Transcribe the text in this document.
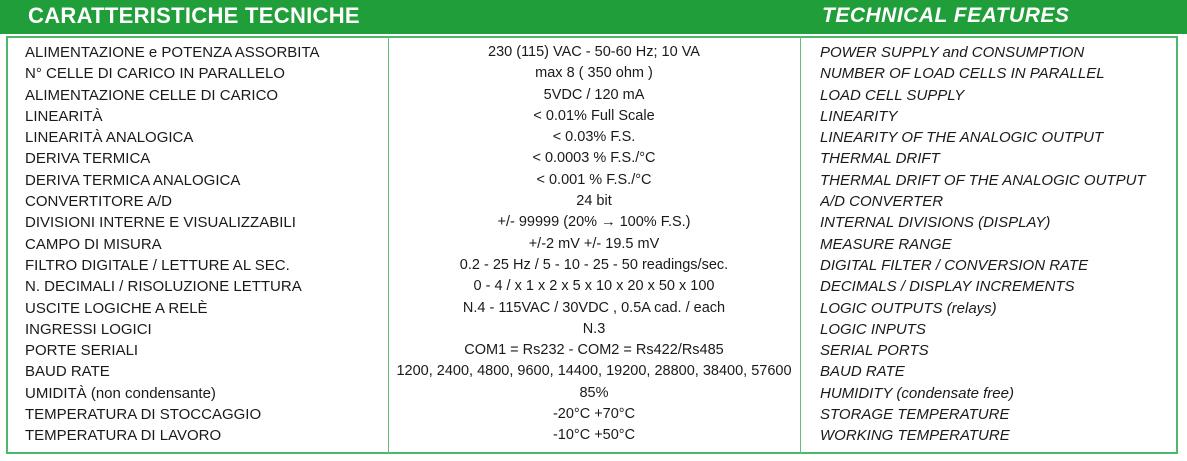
CARATTERISTICHE TECNICHE	TECHNICAL FEATURES
ALIMENTAZIONE e POTENZA ASSORBITA
N° CELLE DI CARICO IN PARALLELO
ALIMENTAZIONE CELLE DI CARICO
LINEARITÀ
LINEARITÀ ANALOGICA
DERIVA TERMICA
DERIVA TERMICA ANALOGICA
CONVERTITORE A/D
DIVISIONI INTERNE E VISUALIZZABILI
CAMPO DI MISURA
FILTRO DIGITALE / LETTURE AL SEC.
N. DECIMALI / RISOLUZIONE LETTURA
USCITE LOGICHE A RELÈ
INGRESSI LOGICI
PORTE SERIALI
BAUD RATE
UMIDITÀ (non condensante)
TEMPERATURA DI STOCCAGGIO
TEMPERATURA DI LAVORO
230 (115) VAC - 50-60 Hz; 10 VA
max 8 ( 350 ohm )
5VDC / 120 mA
< 0.01% Full Scale
< 0.03% F.S.
< 0.0003 % F.S./°C
< 0.001 % F.S./°C
24 bit
+/- 99999 (20% → 100% F.S.)
+/-2 mV +/- 19.5 mV
0.2 - 25 Hz / 5 - 10 - 25 - 50 readings/sec.
0 - 4 / x 1 x 2 x 5 x 10 x 20 x 50 x 100
N.4 - 115VAC / 30VDC , 0.5A cad. / each
N.3
COM1 = Rs232 - COM2 = Rs422/Rs485
1200, 2400, 4800, 9600, 14400, 19200, 28800, 38400, 57600
85%
-20°C +70°C
-10°C +50°C
POWER SUPPLY and CONSUMPTION
NUMBER OF LOAD CELLS IN PARALLEL
LOAD CELL SUPPLY
LINEARITY
LINEARITY OF THE ANALOGIC OUTPUT
THERMAL DRIFT
THERMAL DRIFT OF THE ANALOGIC OUTPUT
A/D CONVERTER
INTERNAL DIVISIONS (DISPLAY)
MEASURE RANGE
DIGITAL FILTER / CONVERSION RATE
DECIMALS / DISPLAY INCREMENTS
LOGIC OUTPUTS (relays)
LOGIC INPUTS
SERIAL PORTS
BAUD RATE
HUMIDITY (condensate free)
STORAGE TEMPERATURE
WORKING TEMPERATURE
